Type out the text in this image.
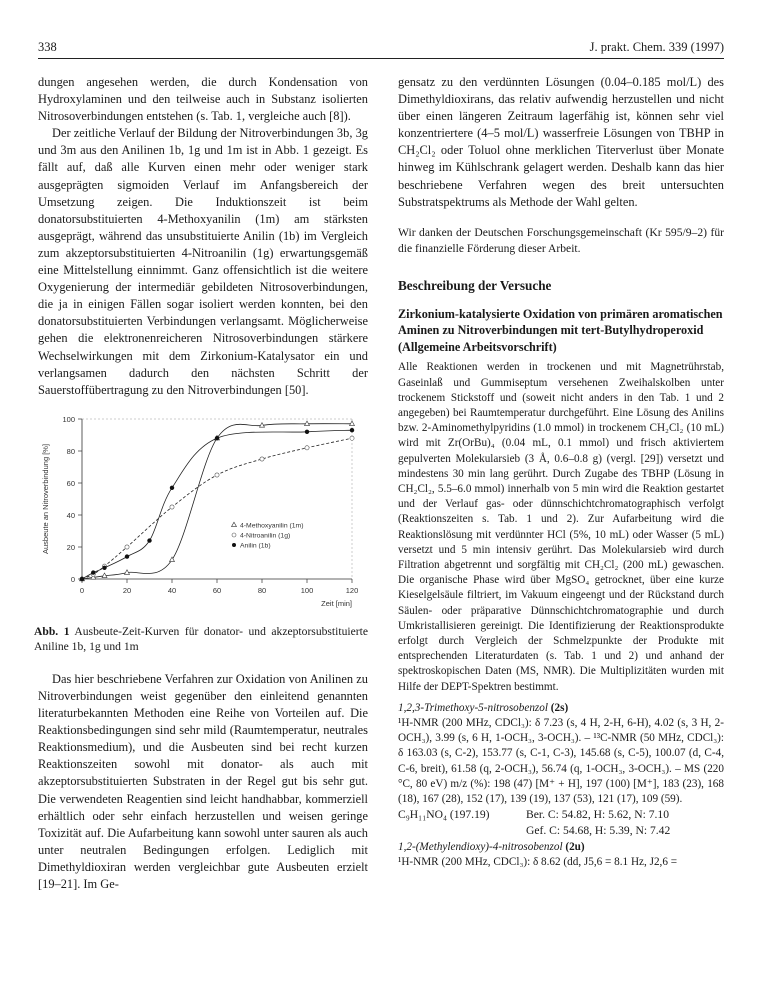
338	J. prakt. Chem. 339 (1997)

dungen angesehen werden, die durch Kondensation von Hydroxylaminen und den teilweise auch in Substanz isolierten Nitrosoverbindungen entstehen (s. Tab. 1, vergleiche auch [8]).

Der zeitliche Verlauf der Bildung der Nitroverbindungen 3b, 3g und 3m aus den Anilinen 1b, 1g und 1m ist in Abb. 1 gezeigt. Es fällt auf, daß alle Kurven einen mehr oder weniger stark ausgeprägten sigmoiden Verlauf im Anfangsbereich der Umsetzung zeigen. Die Induktionszeit ist beim donatorsubstituierten 4-Methoxyanilin (1m) am stärksten ausgeprägt, während das unsubstituierte Anilin (1b) im Vergleich zum akzeptorsubstituierten 4-Nitroanilin (1g) erwartungsgemäß eine Mittelstellung einnimmt. Ganz offensichtlich ist die weitere Oxygenierung der intermediär gebildeten Nitrosoverbindungen, die ja in einigen Fällen sogar isoliert werden konnten, bei den donatorsubstituierten Verbindungen verlangsamt. Möglicherweise gehen die elektronenreicheren Nitrosoverbindungen stärkere Wechselwirkungen mit dem Zirkonium-Katalysator ein und verlangsamen dadurch den nächsten Schritt der Sauerstoffübertragung zu den Nitroverbindungen [50].

0	20	40	60	80	100	120
0
20
40
60
80
100
Zeit [min]
Ausbeute an Nitroverbindung [%]	4-Methoxyanilin (1m)
4-Nitroanilin (1g)
Anilin (1b)
Abb. 1 Ausbeute-Zeit-Kurven für donator- und akzeptorsubstituierte Aniline 1b, 1g und 1m

Das hier beschriebene Verfahren zur Oxidation von Anilinen zu Nitroverbindungen weist gegenüber den einleitend genannten literaturbekannten Methoden eine Reihe von Vorteilen auf. Die Reaktionsbedingungen sind sehr mild (Raumtemperatur, neutrales Reaktionsmedium), und die Ausbeuten sind bei recht kurzen Reaktionszeiten sowohl mit donator- als auch mit akzeptorsubstituierten Substraten in der Regel gut bis sehr gut. Die verwendeten Reagentien sind leicht handhabbar, kommerziell erhältlich oder sehr einfach herzustellen und weisen geringe Toxizität auf. Die Aufarbeitung kann sowohl unter sauren als auch unter neutralen Bedingungen erfolgen. Lediglich mit Dimethyldioxiran werden vergleichbar gute Ausbeuten erzielt [19–21]. Im Ge-

gensatz zu den verdünnten Lösungen (0.04–0.185 mol/L) des Dimethyldioxirans, das relativ aufwendig herzustellen und nicht über einen längeren Zeitraum lagerfähig ist, können sehr viel konzentriertere (4–5 mol/L) wasserfreie Lösungen von TBHP in CH₂Cl₂ oder Toluol ohne merklichen Titerverlust über Monate hinweg im Kühlschrank gelagert werden. Deshalb kann das hier beschriebene Verfahren wegen des breit untersuchten Substratspektrums als Methode der Wahl gelten.

Wir danken der Deutschen Forschungsgemeinschaft (Kr 595/9–2) für die finanzielle Förderung dieser Arbeit.

Beschreibung der Versuche

Zirkonium-katalysierte Oxidation von primären aromatischen Aminen zu Nitroverbindungen mit tert-Butylhydroperoxid (Allgemeine Arbeitsvorschrift)

Alle Reaktionen werden in trockenen und mit Magnetrührstab, Gaseinlaß und Gummiseptum versehenen Zweihalskolben unter trockenem Stickstoff und (soweit nicht anders in den Tab. 1 und 2 angegeben) bei Raumtemperatur durchgeführt. Eine Lösung des Anilins bzw. 2-Aminomethylpyridins (1.0 mmol) in trockenem CH₂Cl₂ (10 mL) wird mit Zr(OrBu)₄ (0.04 mL, 0.1 mmol) und frisch aktiviertem gepulverten Molekularsieb (3 Å, 0.6–0.8 g) (vergl. [29]) versetzt und mindestens 30 min lang gerührt. Durch Zugabe des TBHP (Lösung in CH₂Cl₂, 5.5–6.0 mmol) innerhalb von 5 min wird die Reaktion gestartet und der Verlauf gas- oder dünnschichtchromatographisch verfolgt (Reaktionszeiten s. Tab. 1 und 2). Zur Aufarbeitung wird die Reaktionslösung mit verdünnter HCl (5%, 10 mL) oder Wasser (5 mL) versetzt und 5 min intensiv gerührt. Das Molekularsieb wird durch Filtration abgetrennt und sorgfältig mit CH₂Cl₂ (200 mL) gewaschen. Die organische Phase wird über MgSO₄ getrocknet, über eine kurze Kieselgelsäule filtriert, im Vakuum eingeengt und der Rückstand durch Säulen- oder präparative Dünnschichtchromatographie und durch Umkristallisieren gereinigt. Die Identifizierung der Reaktionsprodukte erfolgt durch Vergleich der Schmelzpunkte der Produkte mit entsprechenden Literaturdaten (s. Tab. 1 und 2) und anhand der spektroskopischen Daten (MS, NMR). Die Multiplizitäten wurden mit Hilfe der DEPT-Spektren bestimmt.

1,2,3-Trimethoxy-5-nitrosobenzol (2s)

¹H-NMR (200 MHz, CDCl₃): δ 7.23 (s, 4 H, 2-H, 6-H), 4.02 (s, 3 H, 2-OCH₃), 3.99 (s, 6 H, 1-OCH₃, 3-OCH₃). – ¹³C-NMR (50 MHz, CDCl₃): δ 163.03 (s, C-2), 153.77 (s, C-1, C-3), 145.68 (s, C-5), 100.07 (d, C-4, C-6, breit), 61.58 (q, 2-OCH₃), 56.74 (q, 1-OCH₃, 3-OCH₃). – MS (220 °C, 80 eV) m/z (%): 198 (47) [M⁺ + H], 197 (100) [M⁺], 183 (23), 168 (18), 167 (28), 152 (17), 139 (19), 137 (53), 121 (17), 109 (59).

C₉H₁₁NO₄ (197.19)	Ber. C: 54.82, H: 5.62, N: 7.10
Gef. C: 54.68, H: 5.39, N: 7.42

1,2-(Methylendioxy)-4-nitrosobenzol (2u)

¹H-NMR (200 MHz, CDCl₃): δ 8.62 (dd, J5,6 = 8.1 Hz, J2,6 =
